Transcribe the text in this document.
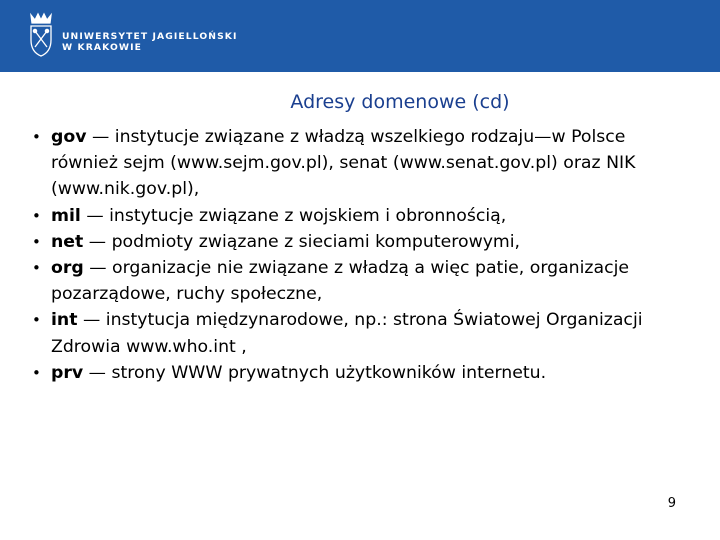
UNIWERSYTET JAGIELLOŃSKI
W KRAKOWIE
Adresy domenowe (cd)
• gov — instytucje związane z władzą wszelkiego rodzaju—w Polsce również sejm (www.sejm.gov.pl), senat (www.senat.gov.pl) oraz NIK (www.nik.gov.pl),
• mil — instytucje związane z wojskiem i obronnością,
• net — podmioty związane z sieciami komputerowymi,
• org — organizacje nie związane z władzą a więc patie, organizacje pozarządowe, ruchy społeczne,
• int — instytucja międzynarodowe, np.: strona Światowej Organizacji Zdrowia www.who.int ,
• prv — strony WWW prywatnych użytkowników internetu.
9
